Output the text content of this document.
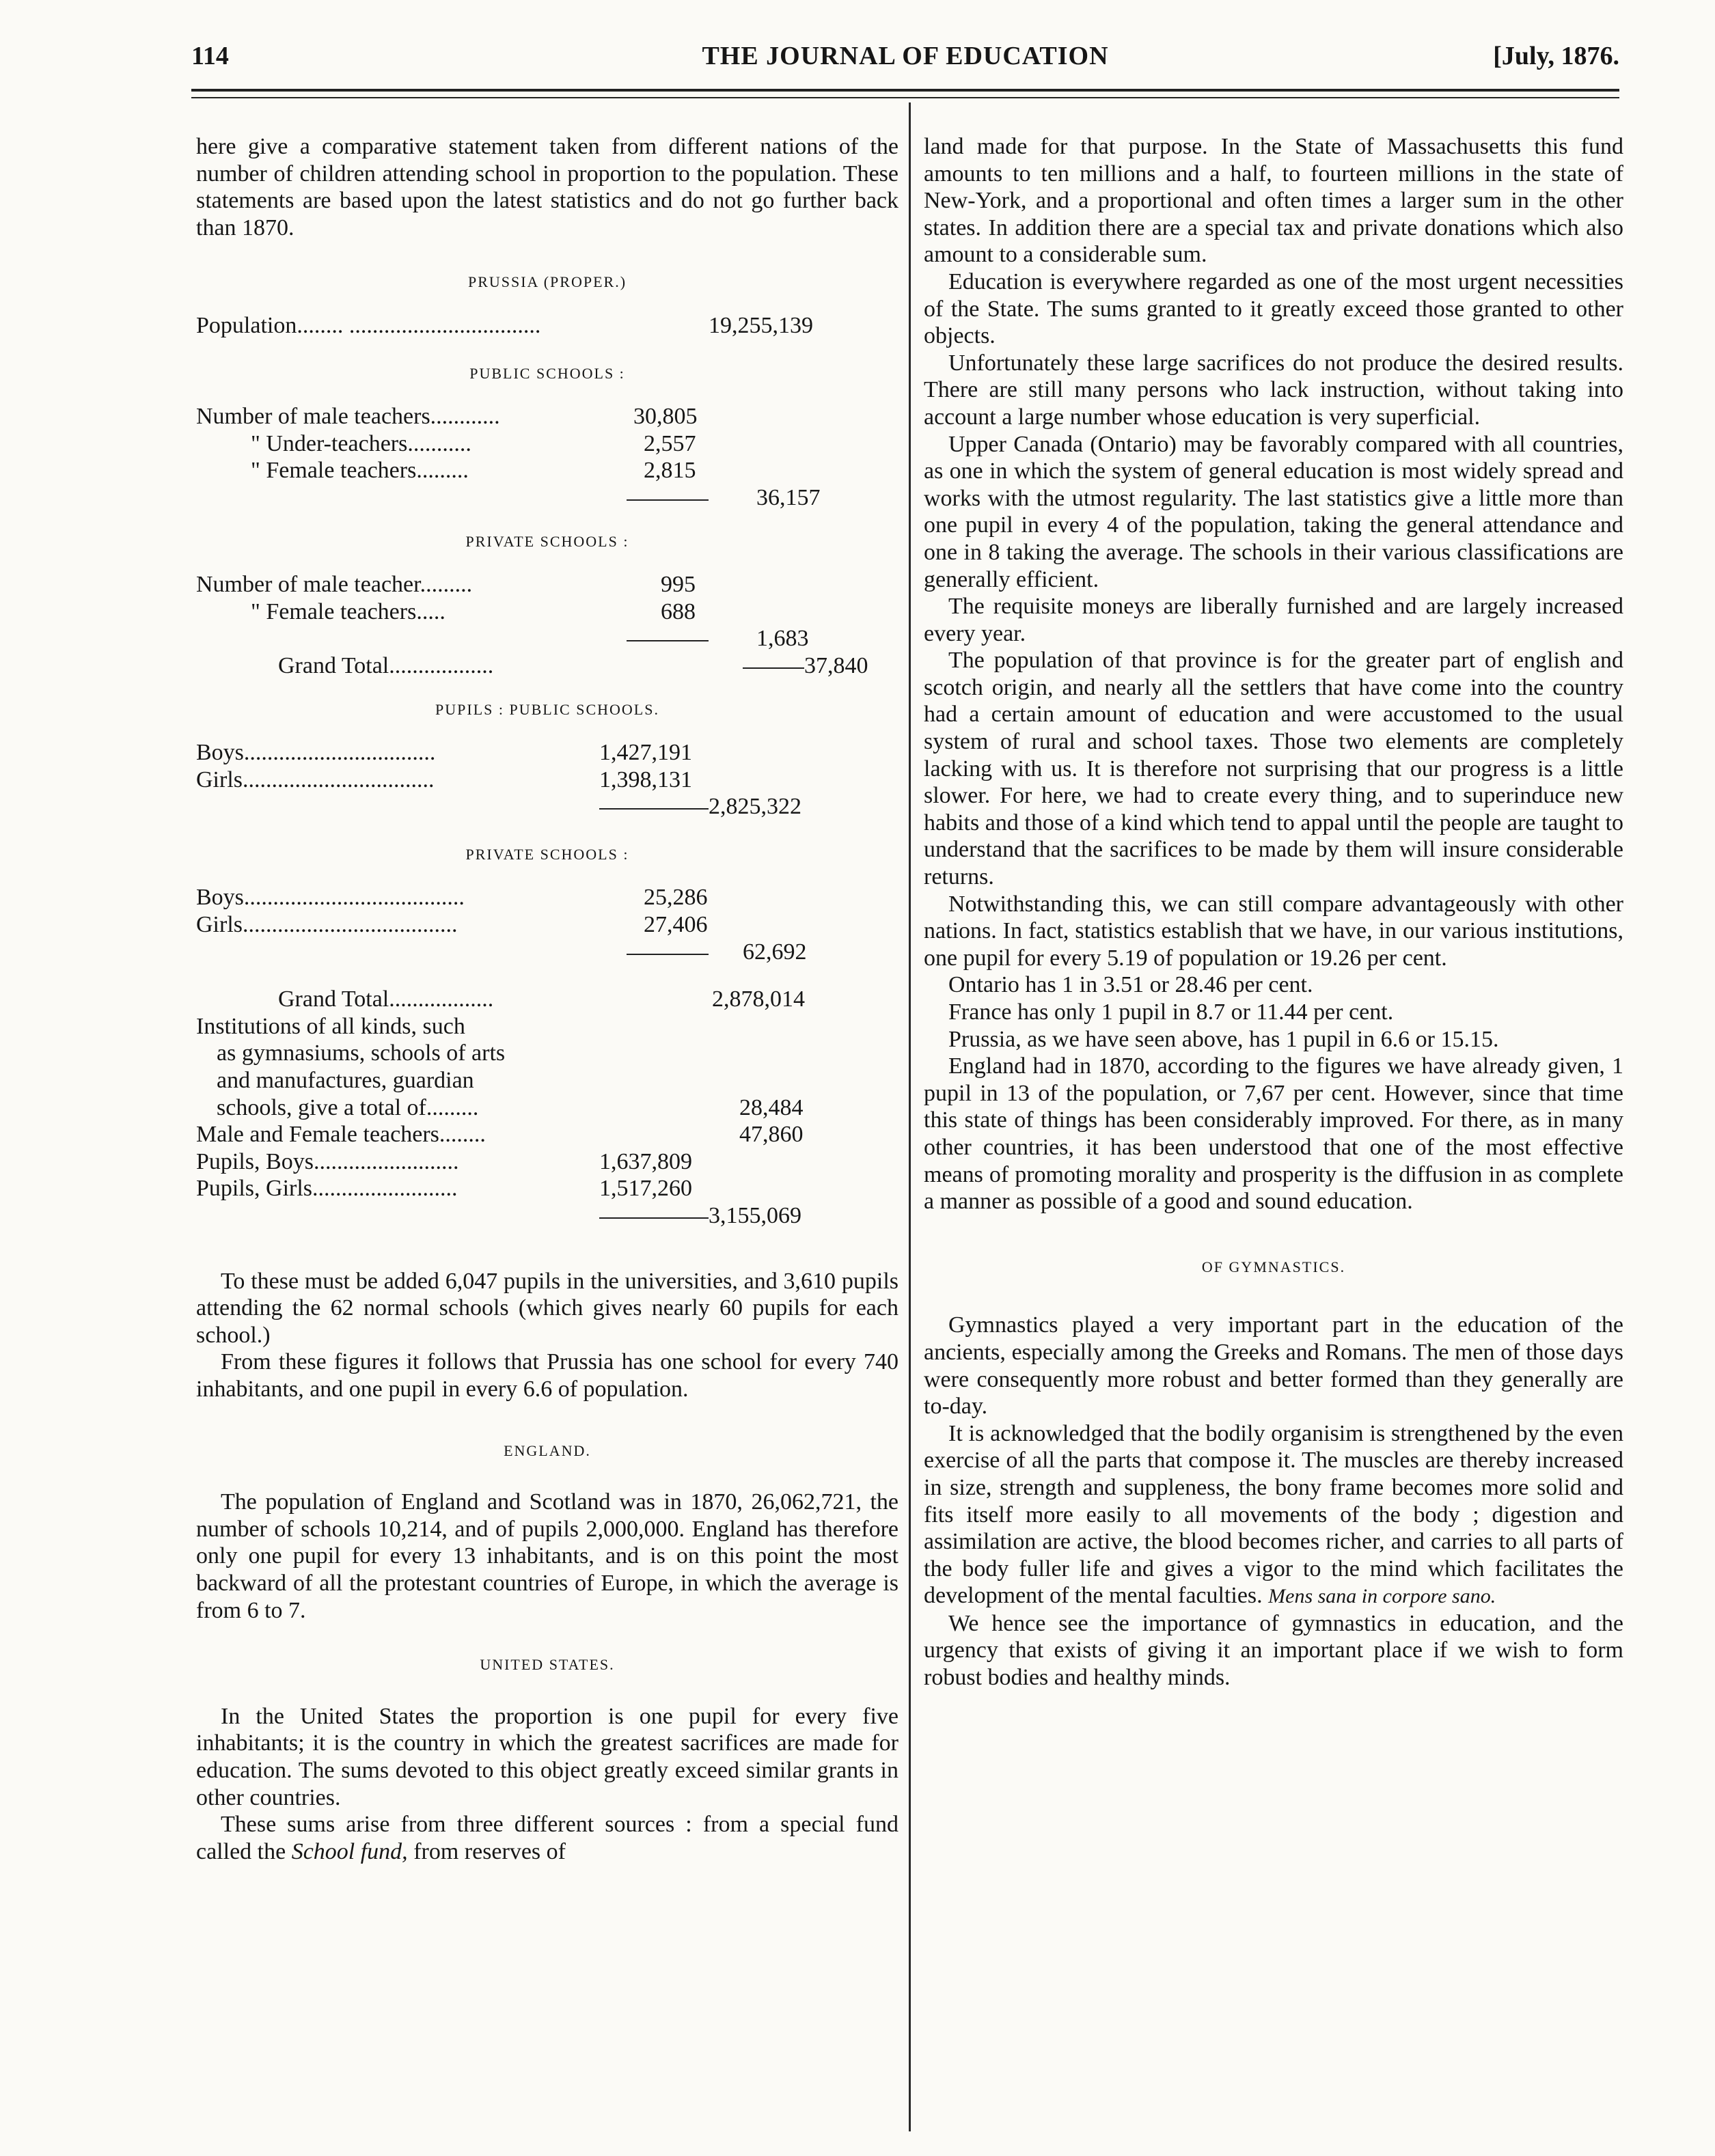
114	THE JOURNAL OF EDUCATION	[July, 1876.

here give a comparative statement taken from different nations of the number of children attending school in proportion to the population. These statements are based upon the latest statistics and do not go further back than 1870.

PRUSSIA (PROPER.)

Population........ .................................	19,255,139

PUBLIC SCHOOLS :

Number of male teachers............	30,805
" Under-teachers...........	2,557
" Female teachers.........	2,815
36,157

PRIVATE SCHOOLS :

Number of male teacher.........	995
" Female teachers.....	688
1,683
Grand Total..................	37,840

PUPILS : PUBLIC SCHOOLS.

Boys.................................	1,427,191
Girls.................................	1,398,131
2,825,322

PRIVATE SCHOOLS :

Boys......................................	25,286
Girls.....................................	27,406
62,692
Grand Total..................	2,878,014
Institutions of all kinds, such
as gymnasiums, schools of arts
and manufactures, guardian
schools, give a total of.........	28,484
Male and Female teachers........	47,860
Pupils, Boys.........................	1,637,809
Pupils, Girls.........................	1,517,260
3,155,069

To these must be added 6,047 pupils in the universities, and 3,610 pupils attending the 62 normal schools (which gives nearly 60 pupils for each school.)

From these figures it follows that Prussia has one school for every 740 inhabitants, and one pupil in every 6.6 of population.

ENGLAND.

The population of England and Scotland was in 1870, 26,062,721, the number of schools 10,214, and of pupils 2,000,000. England has therefore only one pupil for every 13 inhabitants, and is on this point the most backward of all the protestant countries of Europe, in which the average is from 6 to 7.

UNITED STATES.

In the United States the proportion is one pupil for every five inhabitants; it is the country in which the greatest sacrifices are made for education. The sums devoted to this object greatly exceed similar grants in other countries.

These sums arise from three different sources : from a special fund called the School fund, from reserves of

land made for that purpose. In the State of Massachusetts this fund amounts to ten millions and a half, to fourteen millions in the state of New-York, and a proportional and often times a larger sum in the other states. In addition there are a special tax and private donations which also amount to a considerable sum.

Education is everywhere regarded as one of the most urgent necessities of the State. The sums granted to it greatly exceed those granted to other objects.

Unfortunately these large sacrifices do not produce the desired results. There are still many persons who lack instruction, without taking into account a large number whose education is very superficial.

Upper Canada (Ontario) may be favorably compared with all countries, as one in which the system of general education is most widely spread and works with the utmost regularity. The last statistics give a little more than one pupil in every 4 of the population, taking the general attendance and one in 8 taking the average. The schools in their various classifications are generally efficient.

The requisite moneys are liberally furnished and are largely increased every year.

The population of that province is for the greater part of english and scotch origin, and nearly all the settlers that have come into the country had a certain amount of education and were accustomed to the usual system of rural and school taxes. Those two elements are completely lacking with us. It is therefore not surprising that our progress is a little slower. For here, we had to create every thing, and to superinduce new habits and those of a kind which tend to appal until the people are taught to understand that the sacrifices to be made by them will insure considerable returns.

Notwithstanding this, we can still compare advantageously with other nations. In fact, statistics establish that we have, in our various institutions, one pupil for every 5.19 of population or 19.26 per cent.

Ontario has 1 in 3.51 or 28.46 per cent.

France has only 1 pupil in 8.7 or 11.44 per cent.

Prussia, as we have seen above, has 1 pupil in 6.6 or 15.15.

England had in 1870, according to the figures we have already given, 1 pupil in 13 of the population, or 7,67 per cent. However, since that time this state of things has been considerably improved. For there, as in many other countries, it has been understood that one of the most effective means of promoting morality and prosperity is the diffusion in as complete a manner as possible of a good and sound education.

OF GYMNASTICS.

Gymnastics played a very important part in the education of the ancients, especially among the Greeks and Romans. The men of those days were consequently more robust and better formed than they generally are to-day.

It is acknowledged that the bodily organisim is strengthened by the even exercise of all the parts that compose it. The muscles are thereby increased in size, strength and suppleness, the bony frame becomes more solid and fits itself more easily to all movements of the body ; digestion and assimilation are active, the blood becomes richer, and carries to all parts of the body fuller life and gives a vigor to the mind which facilitates the development of the mental faculties. Mens sana in corpore sano.

We hence see the importance of gymnastics in education, and the urgency that exists of giving it an important place if we wish to form robust bodies and healthy minds.
